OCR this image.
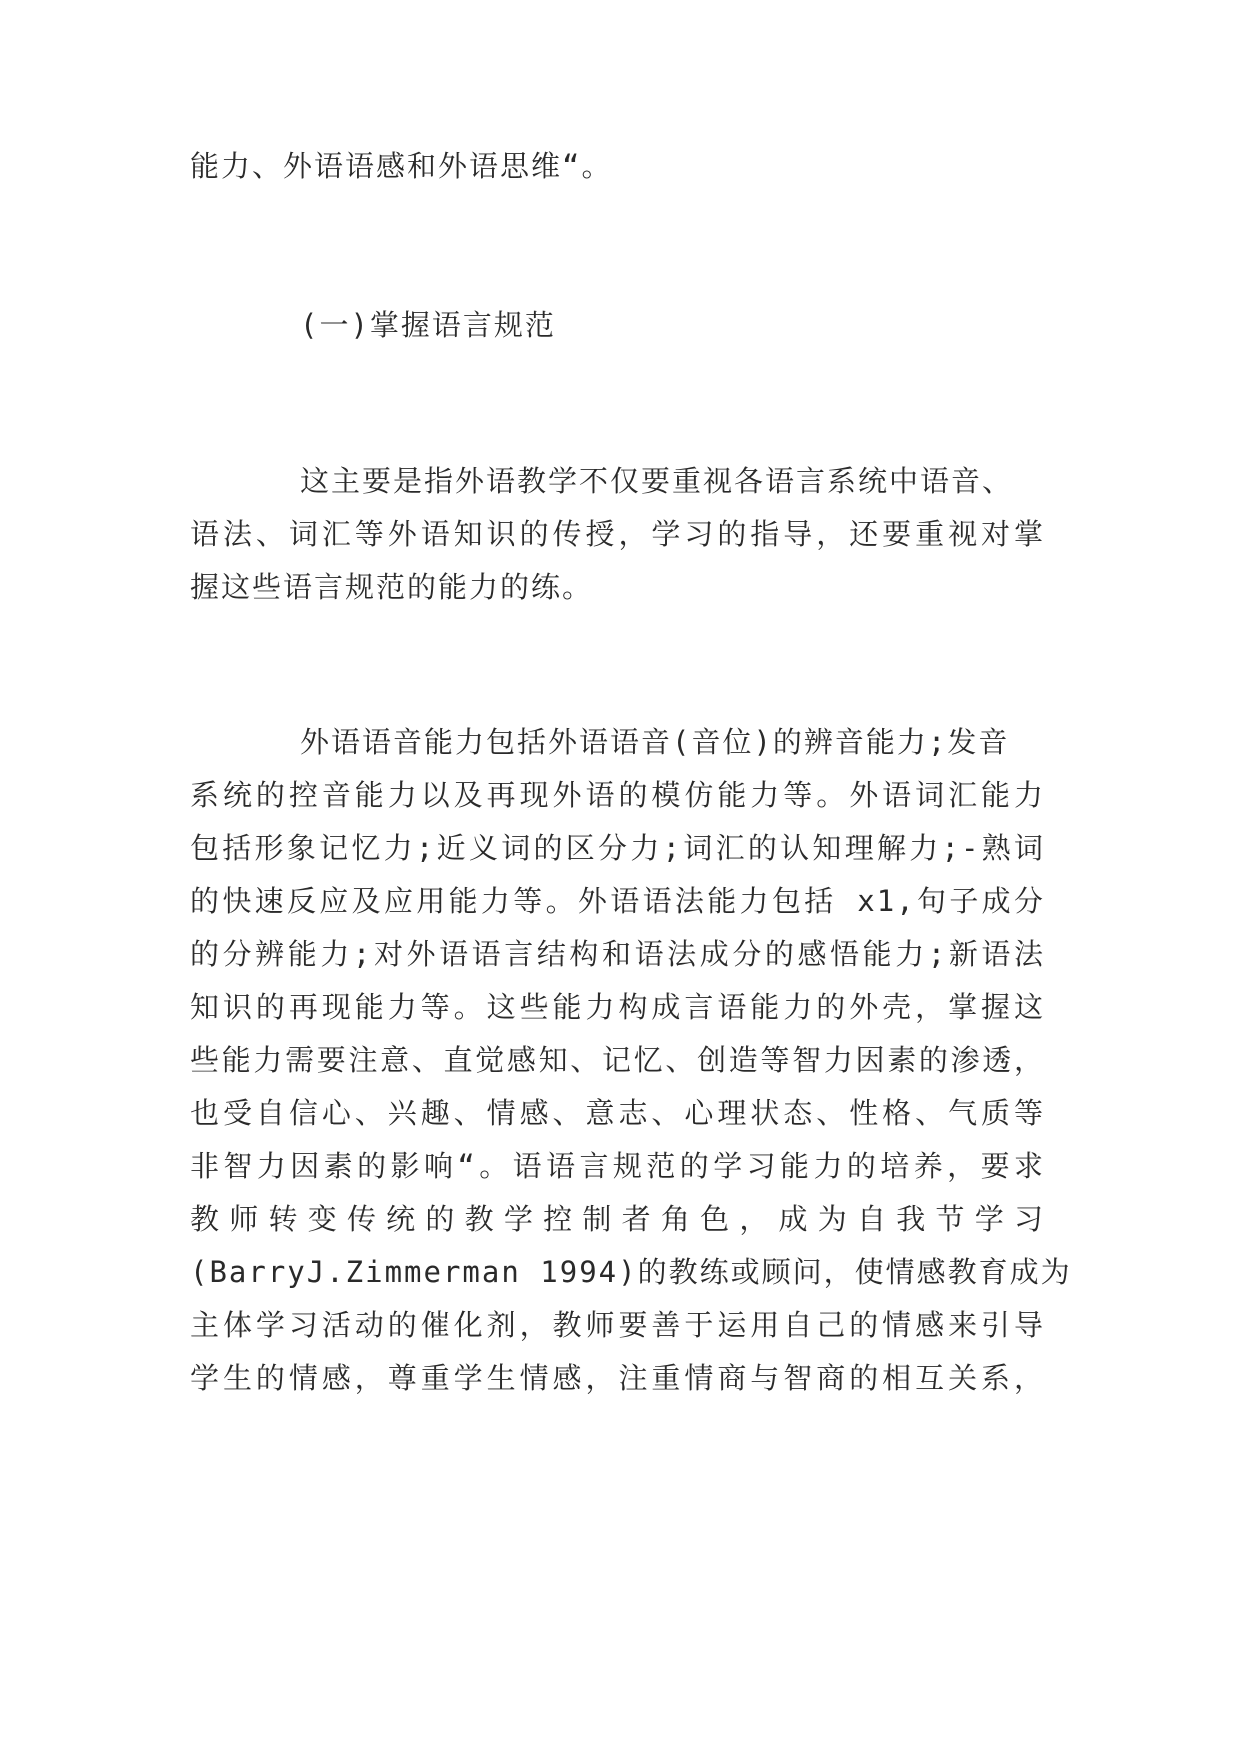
能力、外语语感和外语思维“。
(一)掌握语言规范
这主要是指外语教学不仅要重视各语言系统中语音、
语法、词汇等外语知识的传授，学习的指导，还要重视对掌
握这些语言规范的能力的练。
外语语音能力包括外语语音(音位)的辨音能力;发音
系统的控音能力以及再现外语的模仿能力等。外语词汇能力
包括形象记忆力;近义词的区分力;词汇的认知理解力;-熟词
的快速反应及应用能力等。外语语法能力包括 x1,句子成分
的分辨能力;对外语语言结构和语法成分的感悟能力;新语法
知识的再现能力等。这些能力构成言语能力的外壳，掌握这
些能力需要注意、直觉感知、记忆、创造等智力因素的渗透，
也受自信心、兴趣、情感、意志、心理状态、性格、气质等
非智力因素的影响“。语语言规范的学习能力的培养，要求
教师转变传统的教学控制者角色，成为自我节学习
(BarryJ.Zimmerman 1994)的教练或顾问，使情感教育成为
主体学习活动的催化剂，教师要善于运用自己的情感来引导
学生的情感，尊重学生情感，注重情商与智商的相互关系，
